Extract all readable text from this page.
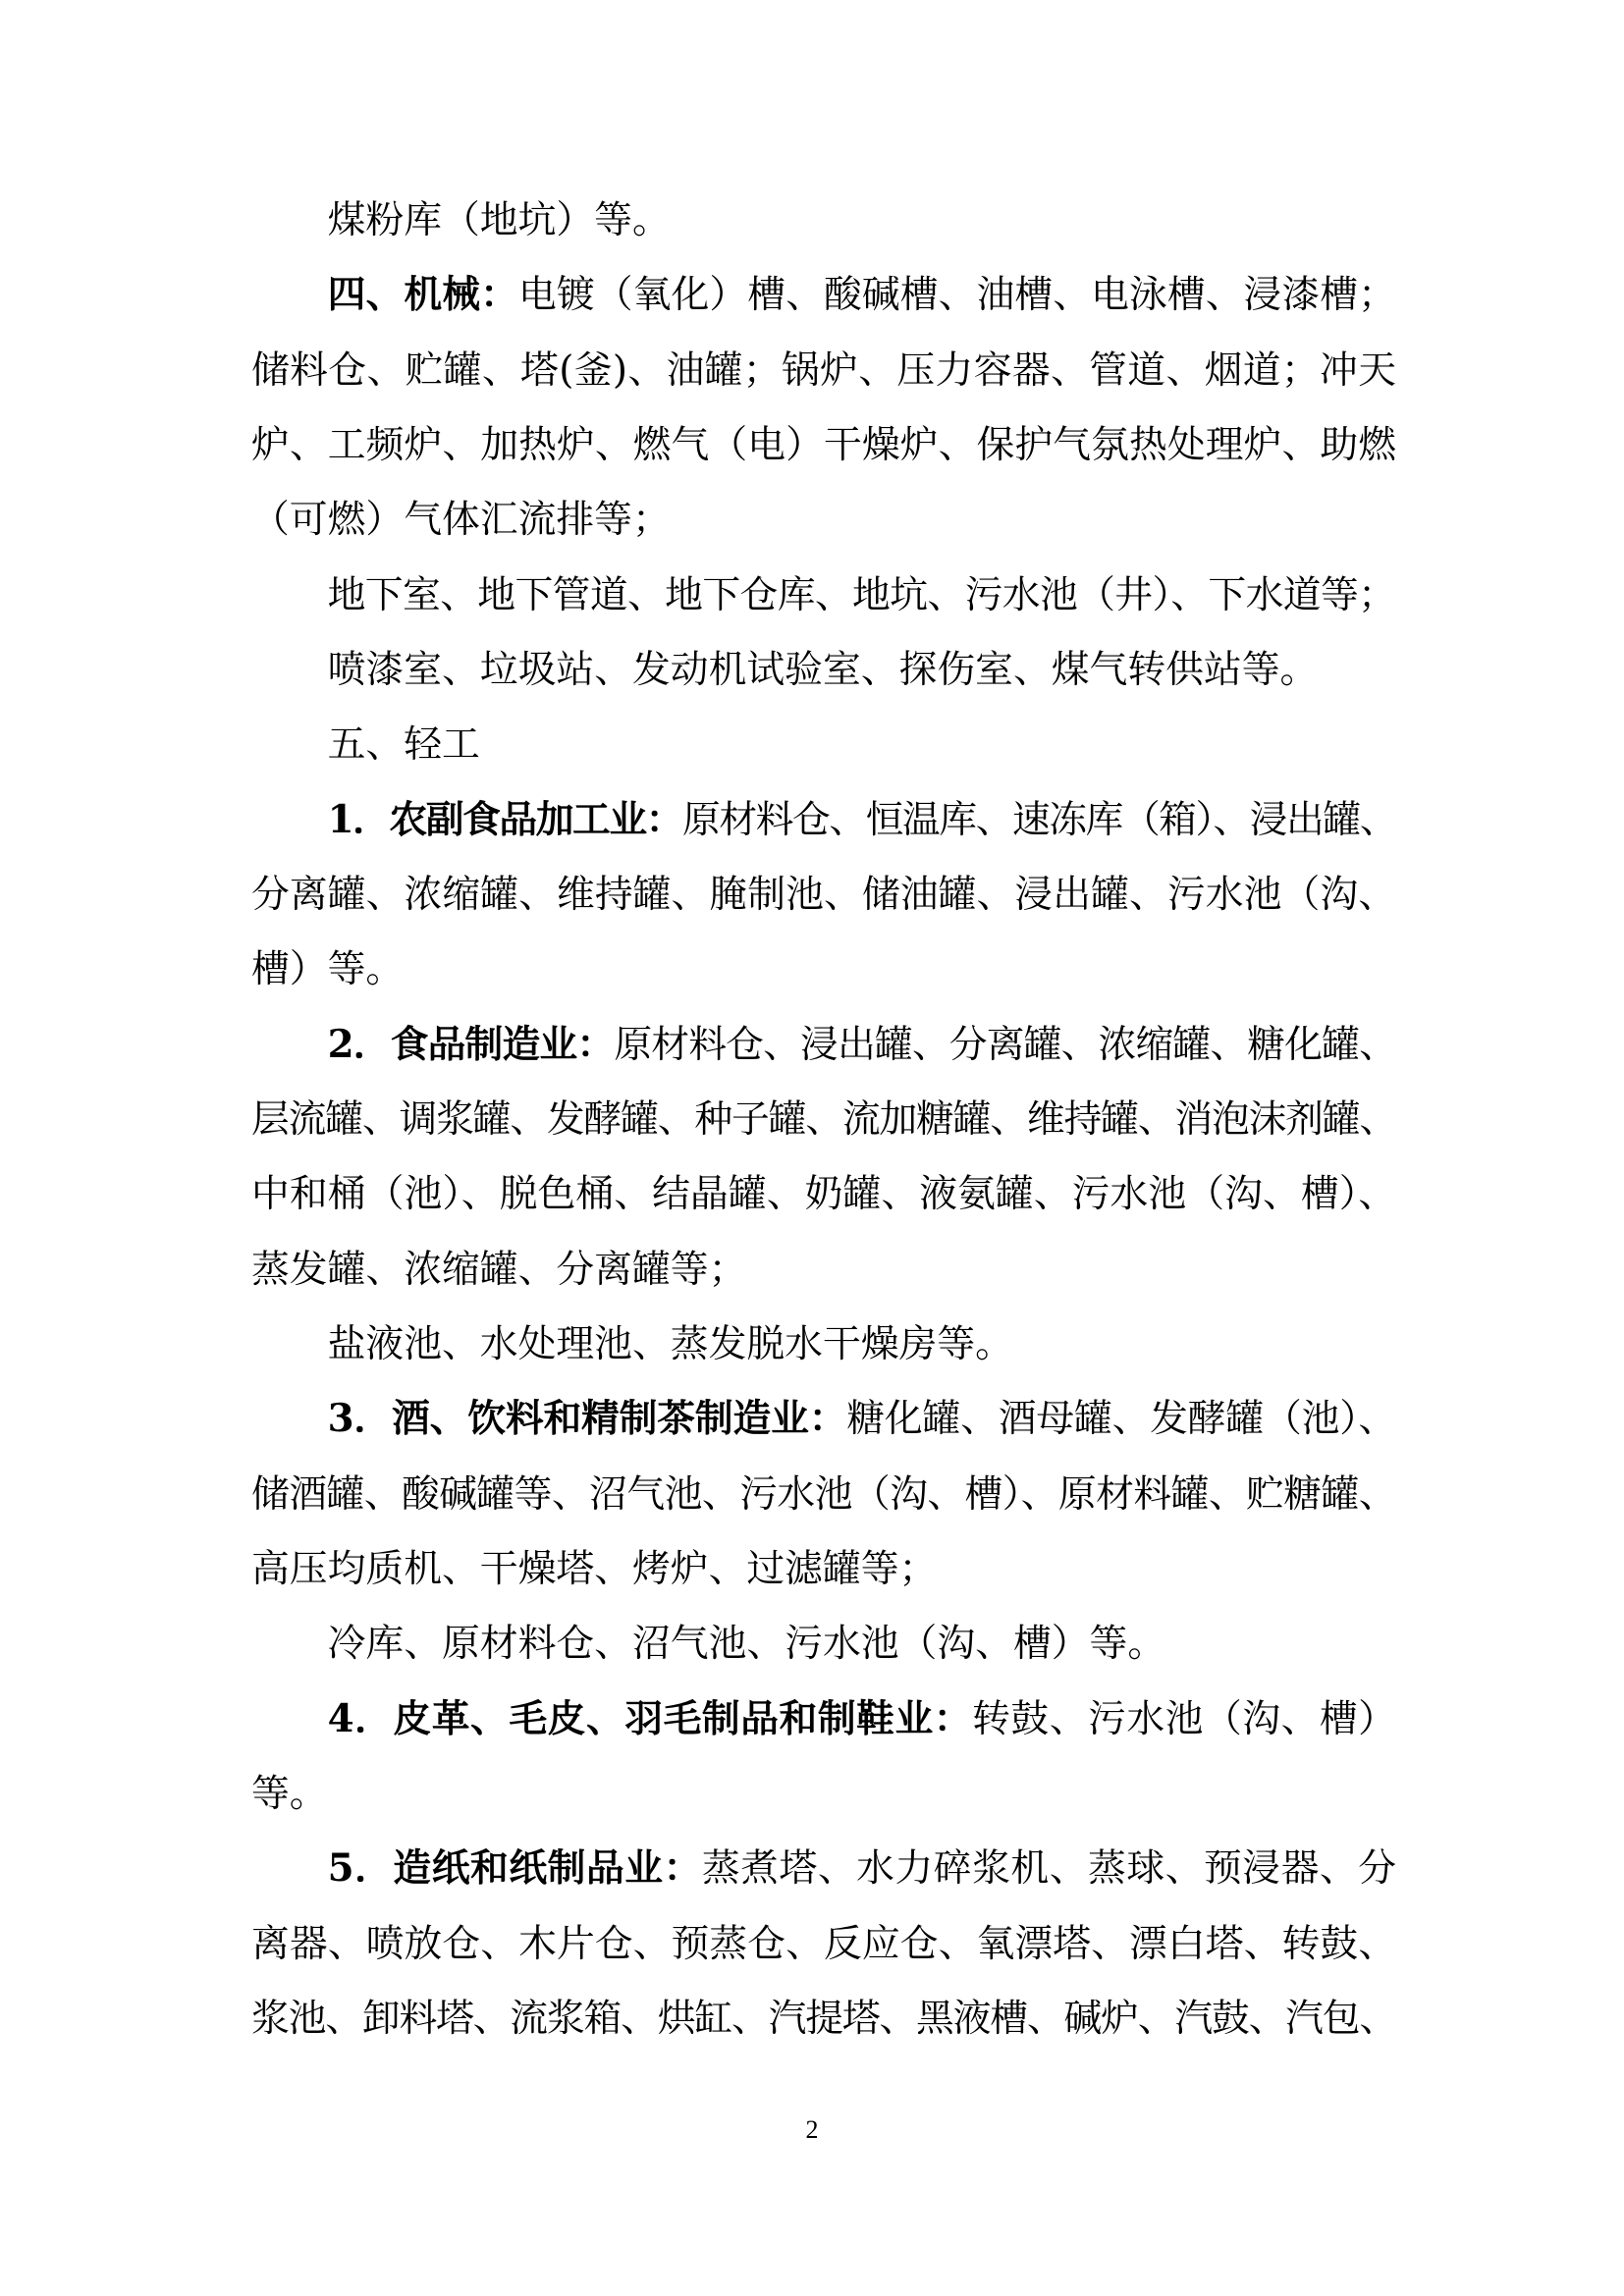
煤粉库（地坑）等。
四、机械：电镀（氧化）槽、酸碱槽、油槽、电泳槽、浸漆槽；
储料仓、贮罐、塔(釜)、油罐；锅炉、压力容器、管道、烟道；冲天
炉、工频炉、加热炉、燃气（电）干燥炉、保护气氛热处理炉、助燃
（可燃）气体汇流排等；
地下室、地下管道、地下仓库、地坑、污水池（井）、下水道等；
喷漆室、垃圾站、发动机试验室、探伤室、煤气转供站等。
五、轻工
1．农副食品加工业：原材料仓、恒温库、速冻库（箱）、浸出罐、
分离罐、浓缩罐、维持罐、腌制池、储油罐、浸出罐、污水池（沟、
槽）等。
2．食品制造业：原材料仓、浸出罐、分离罐、浓缩罐、糖化罐、
层流罐、调浆罐、发酵罐、种子罐、流加糖罐、维持罐、消泡沫剂罐、
中和桶（池）、脱色桶、结晶罐、奶罐、液氨罐、污水池（沟、槽）、
蒸发罐、浓缩罐、分离罐等；
盐液池、水处理池、蒸发脱水干燥房等。
3．酒、饮料和精制茶制造业：糖化罐、酒母罐、发酵罐（池）、
储酒罐、酸碱罐等、沼气池、污水池（沟、槽）、原材料罐、贮糖罐、
高压均质机、干燥塔、烤炉、过滤罐等；
冷库、原材料仓、沼气池、污水池（沟、槽）等。
4．皮革、毛皮、羽毛制品和制鞋业：转鼓、污水池（沟、槽）
等。
5．造纸和纸制品业：蒸煮塔、水力碎浆机、蒸球、预浸器、分
离器、喷放仓、木片仓、预蒸仓、反应仓、氧漂塔、漂白塔、转鼓、
浆池、卸料塔、流浆箱、烘缸、汽提塔、黑液槽、碱炉、汽鼓、汽包、
2
